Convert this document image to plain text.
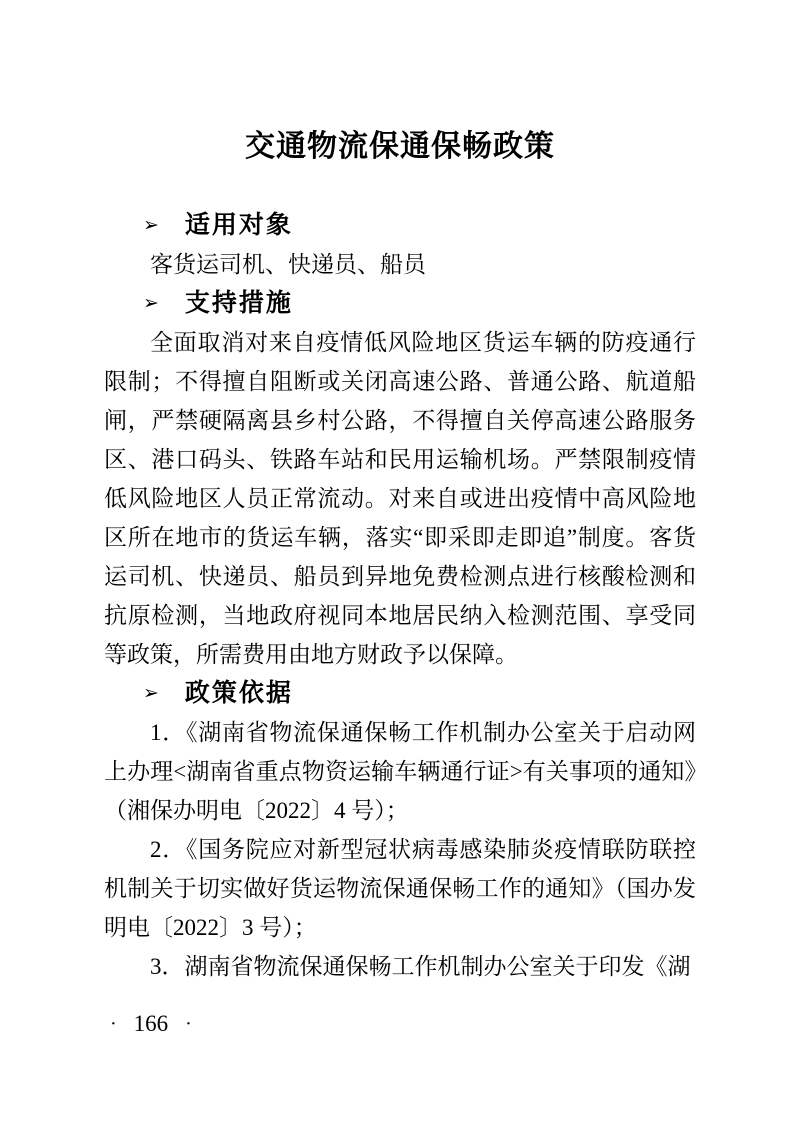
交通物流保通保畅政策
➢ 适用对象

客货运司机、快递员、船员

➢ 支持措施

全面取消对来自疫情低风险地区货运车辆的防疫通行限制；不得擅自阻断或关闭高速公路、普通公路、航道船闸，严禁硬隔离县乡村公路，不得擅自关停高速公路服务区、港口码头、铁路车站和民用运输机场。严禁限制疫情低风险地区人员正常流动。对来自或进出疫情中高风险地区所在地市的货运车辆，落实“即采即走即追”制度。客货运司机、快递员、船员到异地免费检测点进行核酸检测和抗原检测，当地政府视同本地居民纳入检测范围、享受同等政策，所需费用由地方财政予以保障。

➢ 政策依据

1．《湖南省物流保通保畅工作机制办公室关于启动网上办理<湖南省重点物资运输车辆通行证>有关事项的通知》（湘保办明电〔2022〕4 号）；

2．《国务院应对新型冠状病毒感染肺炎疫情联防联控机制关于切实做好货运物流保通保畅工作的通知》（国办发明电〔2022〕3 号）；

3．湖南省物流保通保畅工作机制办公室关于印发《湖

· 166 ·
